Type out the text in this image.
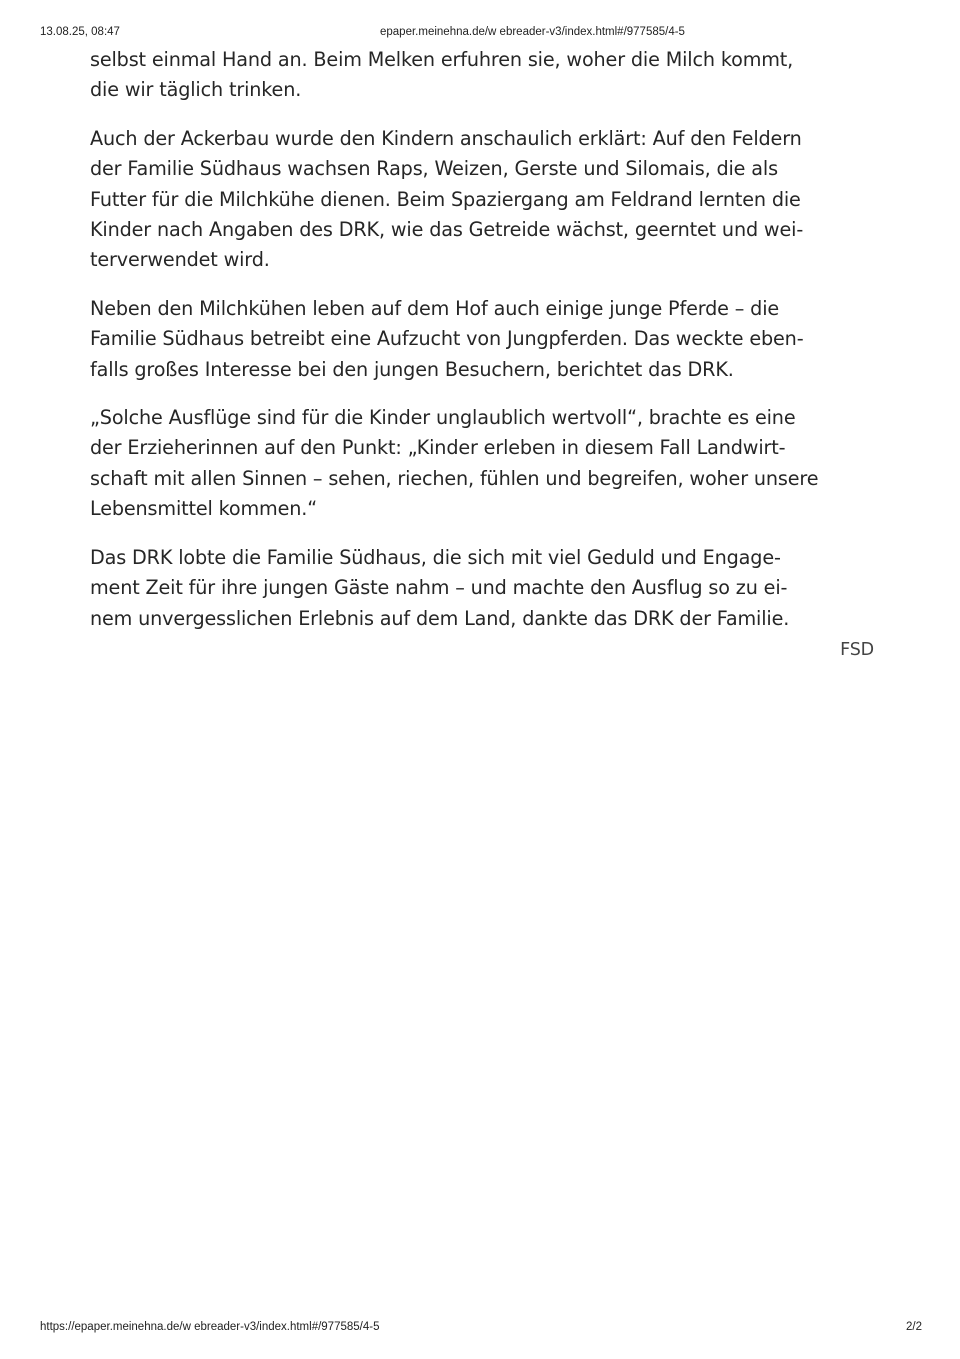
13.08.25, 08:47	epaper.meinehna.de/w ebreader-v3/index.html#/977585/4-5

selbst einmal Hand an. Beim Melken erfuhren sie, woher die Milch kommt,
die wir täglich trinken.

Auch der Ackerbau wurde den Kindern anschaulich erklärt: Auf den Feldern
der Familie Südhaus wachsen Raps, Weizen, Gerste und Silomais, die als
Futter für die Milchkühe dienen. Beim Spaziergang am Feldrand lernten die
Kinder nach Angaben des DRK, wie das Getreide wächst, geerntet und wei-
terverwendet wird.

Neben den Milchkühen leben auf dem Hof auch einige junge Pferde – die
Familie Südhaus betreibt eine Aufzucht von Jungpferden. Das weckte eben-
falls großes Interesse bei den jungen Besuchern, berichtet das DRK.

„Solche Ausflüge sind für die Kinder unglaublich wertvoll“, brachte es eine
der Erzieherinnen auf den Punkt: „Kinder erleben in diesem Fall Landwirt-
schaft mit allen Sinnen – sehen, riechen, fühlen und begreifen, woher unsere
Lebensmittel kommen.“

Das DRK lobte die Familie Südhaus, die sich mit viel Geduld und Engage-
ment Zeit für ihre jungen Gäste nahm – und machte den Ausflug so zu ei-
nem unvergesslichen Erlebnis auf dem Land, dankte das DRK der Familie.

FSD
https://epaper.meinehna.de/w ebreader-v3/index.html#/977585/4-5	2/2
